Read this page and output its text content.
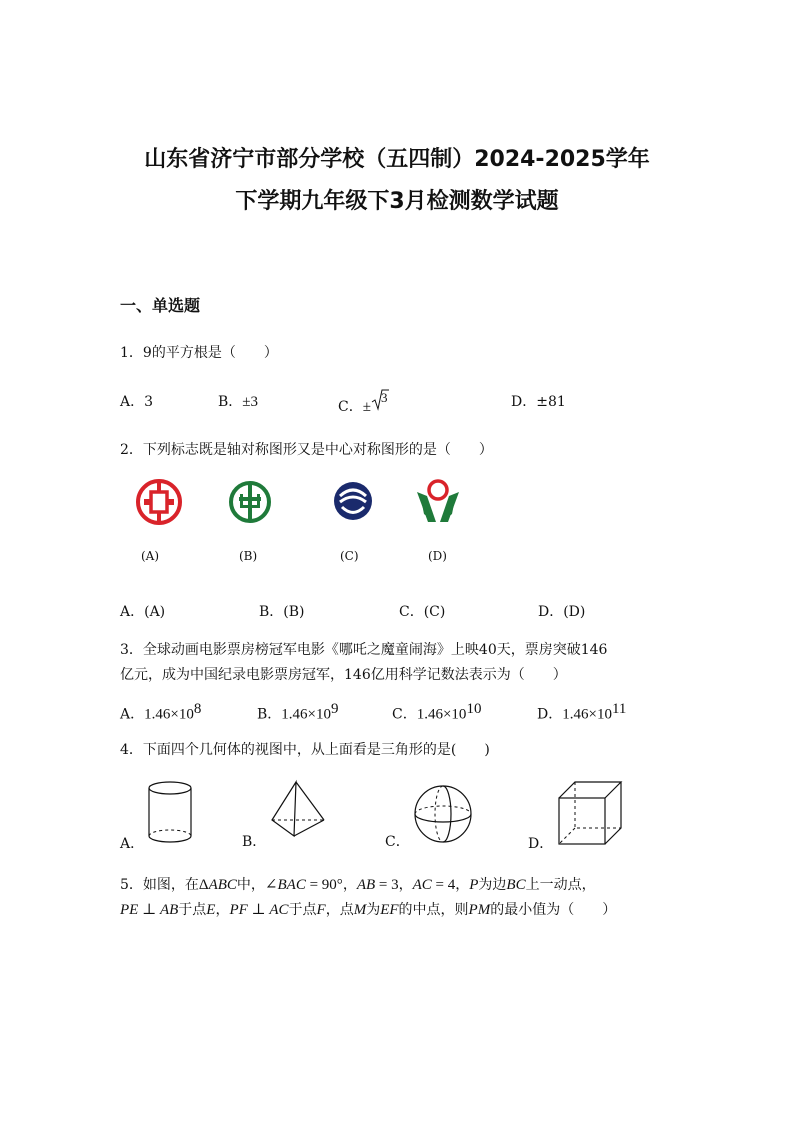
山东省济宁市部分学校（五四制）2024-2025学年
下学期九年级下3月检测数学试题
一、单选题
1．9的平方根是（　　）
A．3	B．±3	C．±
3	D．±81
2．下列标志既是轴对称图形又是中心对称图形的是（　　）
(A)	(B)	(C)	(D)
A．(A)	B．(B)	C．(C)	D．(D)
3．全球动画电影票房榜冠军电影《哪吒之魔童闹海》上映40天，票房突破146
亿元，成为中国纪录电影票房冠军，146亿用科学记数法表示为（　　）
A．$1.46\times 10^8$	B．$1.46\times 10^9$	C．$1.46\times 10^{10}$	D．$1.46\times 10^{11}$
4．下面四个几何体的视图中，从上面看是三角形的是(　　)
A．	B．	C．	D．
5．如图，在ΔABC中，∠BAC = 90°，AB = 3，AC = 4，P为边BC上一动点，
PE ⊥ AB于点E，PF ⊥ AC于点F，点M为EF的中点，则PM的最小值为（　　）
